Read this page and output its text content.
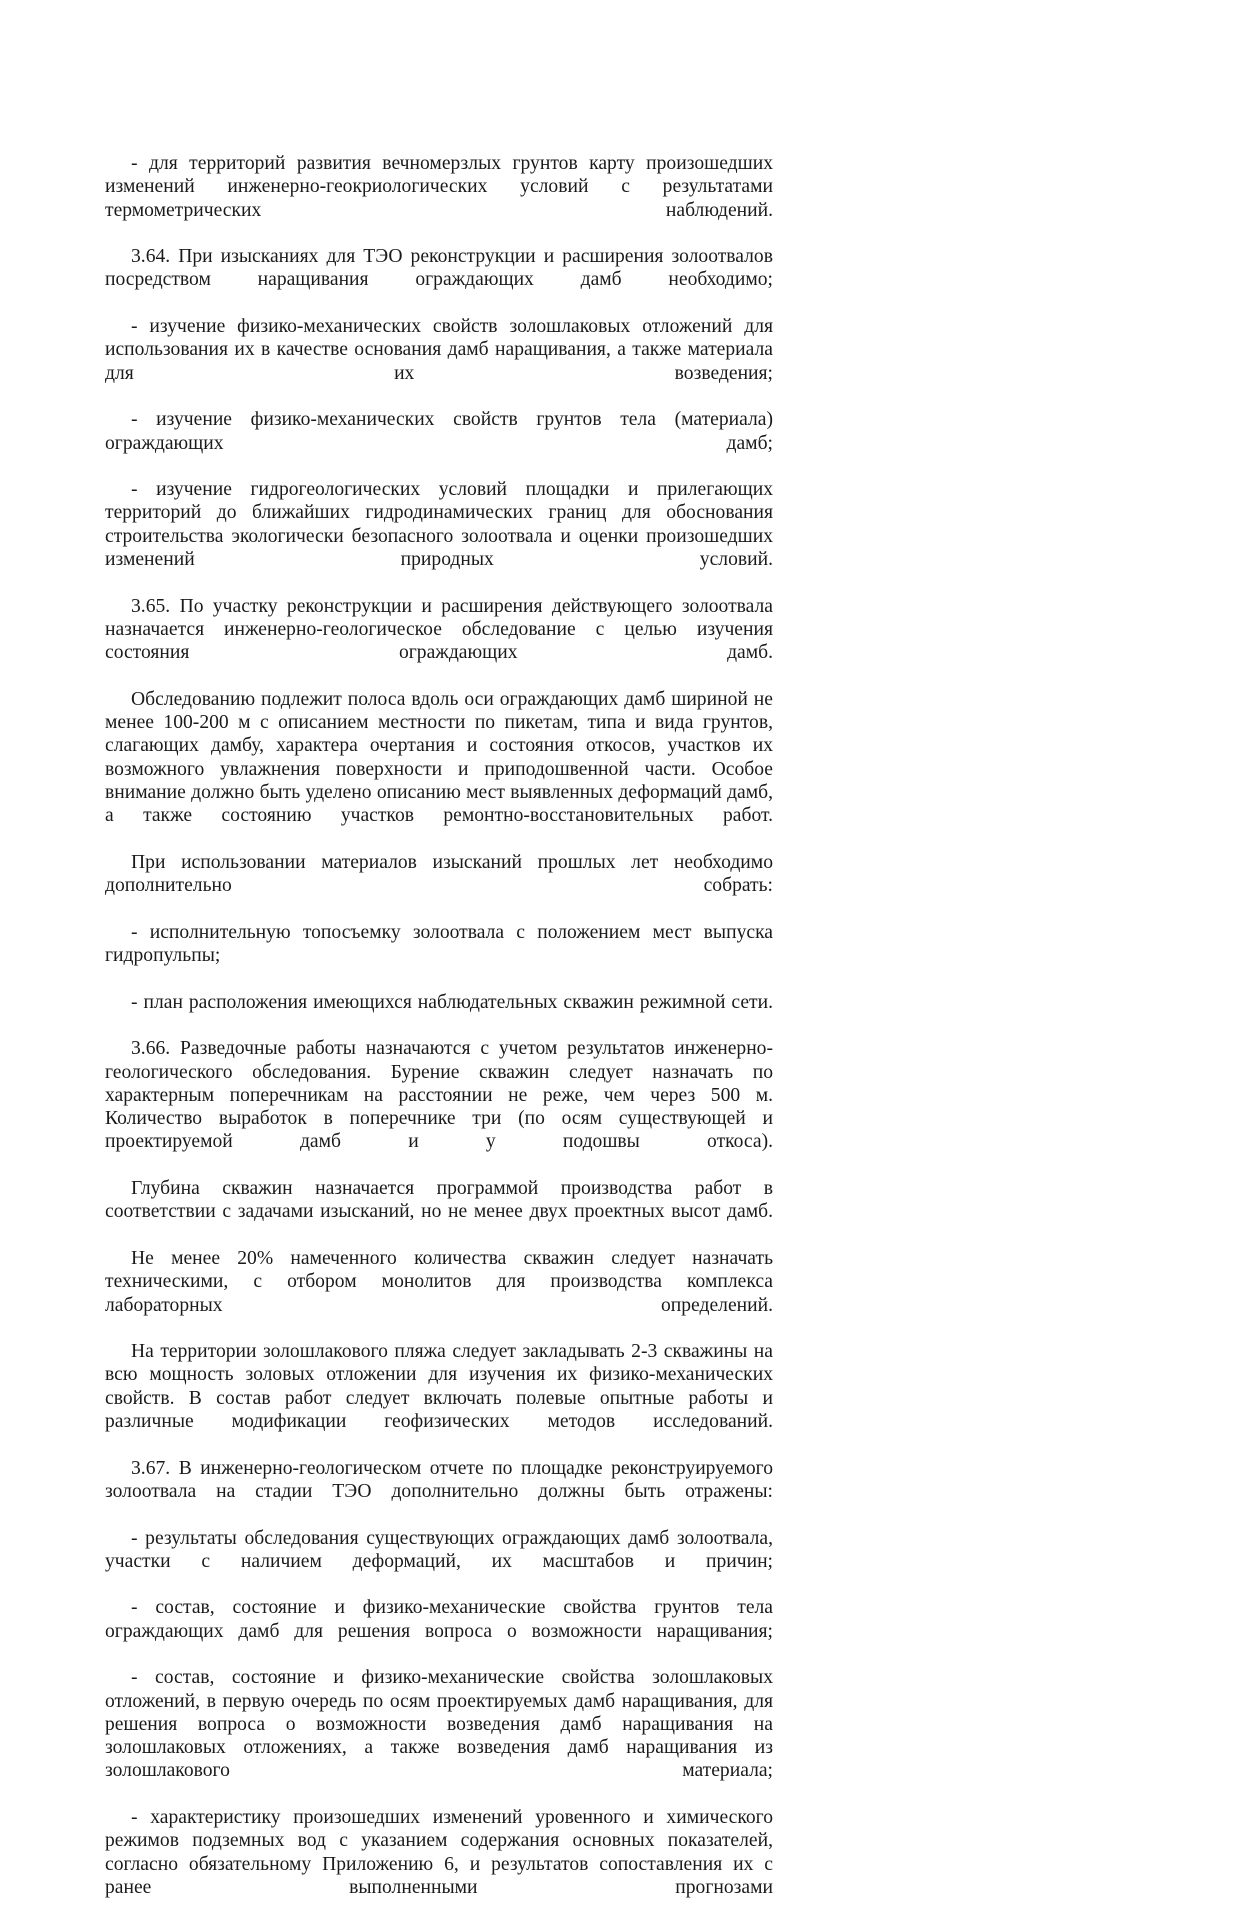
- для территорий развития вечномерзлых грунтов карту произошедших изменений инженерно-геокриологических условий с результатами термометрических наблюдений.

3.64. При изысканиях для ТЭО реконструкции и расширения золоотвалов посредством наращивания ограждающих дамб необходимо;

- изучение физико-механических свойств золошлаковых отложений для использования их в качестве основания дамб наращивания, а также материала для их возведения;

- изучение физико-механических свойств грунтов тела (материала) ограждающих дамб;

- изучение гидрогеологических условий площадки и прилегающих территорий до ближайших гидродинамических границ для обоснования строительства экологически безопасного золоотвала и оценки произошедших изменений природных условий.

3.65. По участку реконструкции и расширения действующего золоотвала назначается инженерно-геологическое обследование с целью изучения состояния ограждающих дамб.

Обследованию подлежит полоса вдоль оси ограждающих дамб шириной не менее 100-200 м с описанием местности по пикетам, типа и вида грунтов, слагающих дамбу, характера очертания и состояния откосов, участков их возможного увлажнения поверхности и приподошвенной части. Особое внимание должно быть уделено описанию мест выявленных деформаций дамб, а также состоянию участков ремонтно-восстановительных работ.

При использовании материалов изысканий прошлых лет необходимо дополнительно собрать:

- исполнительную топосъемку золоотвала с положением мест выпуска гидропульпы;

- план расположения имеющихся наблюдательных скважин режимной сети.

3.66. Разведочные работы назначаются с учетом результатов инженерно-геологического обследования. Бурение скважин следует назначать по характерным поперечникам на расстоянии не реже, чем через 500 м. Количество выработок в поперечнике три (по осям существующей и проектируемой дамб и у подошвы откоса).

Глубина скважин назначается программой производства работ в соответствии с задачами изысканий, но не менее двух проектных высот дамб.

Не менее 20% намеченного количества скважин следует назначать техническими, с отбором монолитов для производства комплекса лабораторных определений.

На территории золошлакового пляжа следует закладывать 2-3 скважины на всю мощность золовых отложении для изучения их физико-механических свойств. В состав работ следует включать полевые опытные работы и различные модификации геофизических методов исследований.

3.67. В инженерно-геологическом отчете по площадке реконструируемого золоотвала на стадии ТЭО дополнительно должны быть отражены:

- результаты обследования существующих ограждающих дамб золоотвала, участки с наличием деформаций, их масштабов и причин;

- состав, состояние и физико-механические свойства грунтов тела ограждающих дамб для решения вопроса о возможности наращивания;

- состав, состояние и физико-механические свойства золошлаковых отложений, в первую очередь по осям проектируемых дамб наращивания, для решения вопроса о возможности возведения дамб наращивания на золошлаковых отложениях, а также возведения дамб наращивания из золошлакового материала;

- характеристику произошедших изменений уровенного и химического режимов подземных вод с указанием содержания основных показателей, согласно обязательному Приложению 6, и результатов сопоставления их с ранее выполненными прогнозами
